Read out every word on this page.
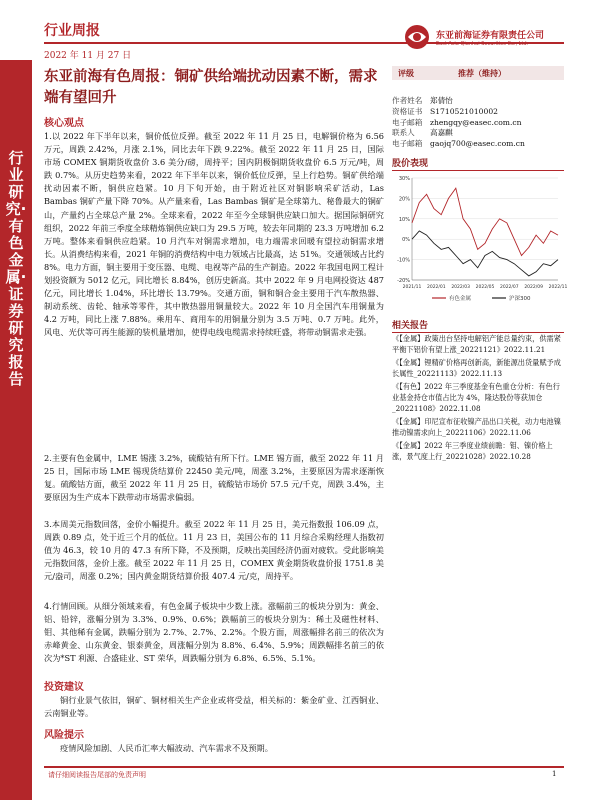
行业周报	东亚前海证券有限责任公司
2022 年 11 月 27 日
行业研究·有色金属·证券研究报告
东亚前海有色周报：铜矿供给端扰动因素不断，需求端有望回升
核心观点
1.以 2022 年下半年以来，铜价低位反弹。截至 2022 年 11 月 25 日，电解铜价格为 6.56 万元，周跌 2.42%，月涨 2.1%，同比去年下跌 9.22%。截至 2022 年 11 月 25 日，国际市场 COMEX 铜期货收盘价 3.6 美分/磅，周持平；国内阴极铜期货收盘价 6.5 万元/吨，周跌 0.7%。从历史趋势来看，2022 年下半年以来，铜价低位反弹，呈上行趋势。铜矿供给端扰动因素不断，铜供应趋紧。10 月下旬开始，由于附近社区对铜影响采矿活动，Las Bambas 铜矿产量下降 70%。从产量来看，Las Bambas 铜矿是全球第九、秘鲁最大的铜矿山，产量约占全球总产量 2%。全球来看，2022 年至今全球铜供应缺口加大。据国际铜研究组织，2022 年前三季度全球精炼铜供应缺口为 29.5 万吨，较去年同期的 23.3 万吨增加 6.2 万吨。整体来看铜供应趋紧。10 月汽车对铜需求增加，电力端需求回暖有望拉动铜需求增长。从消费结构来看，2021 年铜的消费结构中电力领域占比最高，达 51%。交通领域占比约 8%。电力方面，铜主要用于变压器、电缆、电视等产品的生产制造。2022 年我国电网工程计划投资额为 5012 亿元，同比增长 8.84%，创历史新高。其中 2022 年 9 月电网投资达 487 亿元，同比增长 1.04%，环比增长 13.79%。交通方面，铜和铜合金主要用于汽车散热器、制动系统、齿轮、轴承等零件，其中散热器用铜量较大。2022 年 10 月全国汽车用铜量为 4.2 万吨，同比上涨 7.88%。乘用车、商用车的用铜量分别为 3.5 万吨、0.7 万吨。此外，风电、光伏等可再生能源的装机量增加，使得电线电缆需求持续旺盛，将带动铜需求走强。
2.主要有色金属中，LME 锡涨 3.2%，硫酸钴有所下行。LME 锡方面，截至 2022 年 11 月 25 日，国际市场 LME 锡现货结算价 22450 美元/吨，周涨 3.2%，主要原因为需求逐渐恢复。硫酸钴方面，截至 2022 年 11 月 25 日，硫酸钴市场价 57.5 元/千克，周跌 3.4%，主要原因为生产成本下跌带动市场需求偏弱。
3.本周美元指数回落，金价小幅提升。截至 2022 年 11 月 25 日，美元指数报 106.09 点，周跌 0.89 点，处于近三个月的低位。11 月 23 日，美国公布的 11 月综合采购经理人指数初值为 46.3，较 10 月的 47.3 有所下降，不及预期，反映出美国经济仍面对疲软。受此影响美元指数回落，金价上涨。截至 2022 年 11 月 25 日，COMEX 黄金期货收盘价报 1751.8 美元/盎司，周涨 0.2%；国内黄金期货结算价报 407.4 元/克，周持平。
4.行情回顾。从细分领域来看，有色金属子板块中少数上涨。涨幅前三的板块分别为：黄金、铝、铅锌，涨幅分别为 3.3%、0.9%、0.6%；跌幅前三的板块分别为：稀土及磁性材料、钼、其他稀有金属，跌幅分别为 2.7%、2.7%、2.2%。个股方面，周涨幅排名前三的依次为赤峰黄金、山东黄金、银泰黄金，周涨幅分别为 8.8%、6.4%、5.9%；周跌幅排名前三的依次为*ST 利源、合盛硅业、ST 荣华，周跌幅分别为 6.8%、6.5%、5.1%。
投资建议
铜行业景气依旧，铜矿、铜材相关生产企业或将受益，相关标的：紫金矿业、江西铜业、云南铜业等。
风险提示
疫情风险加剧、人民币汇率大幅波动、汽车需求不及预期。
评级	推荐（维持）
作者姓名	郑倩怡
资格证书	S1710521010002
电子邮箱	zhengqy@easec.com.cn
联系人	高嘉麒
电子邮箱	gaojq700@easec.com.cn
股价表现
-20%
-10%
0%
10%
20%
30%
2021/11 2022/01 2022/03 2022/05 2022/07 2022/09 2022/11
有色金属	沪深300
相关报告
《【金属】政策出台坚持电解铝产能总量约束，供需紧平衡下铝价有望上涨_20221121》2022.11.21
《【金属】锂精矿价格再创新高，新能源出货量赋予成长属性_20221113》2022.11.13
《【有色】2022 年三季度基金有色重仓分析：有色行业基金持仓市值占比为 4%，隆达股份等获加仓_20221108》2022.11.08
《【金属】印尼宣布征收镍产品出口关税，动力电池镍推动镍需求向上_20221106》2022.11.06
《【金属】2022 年三季度业绩前瞻：钼、镍价格上涨，景气度上行_20221028》2022.10.28
请仔细阅读报告尾部的免责声明	1
